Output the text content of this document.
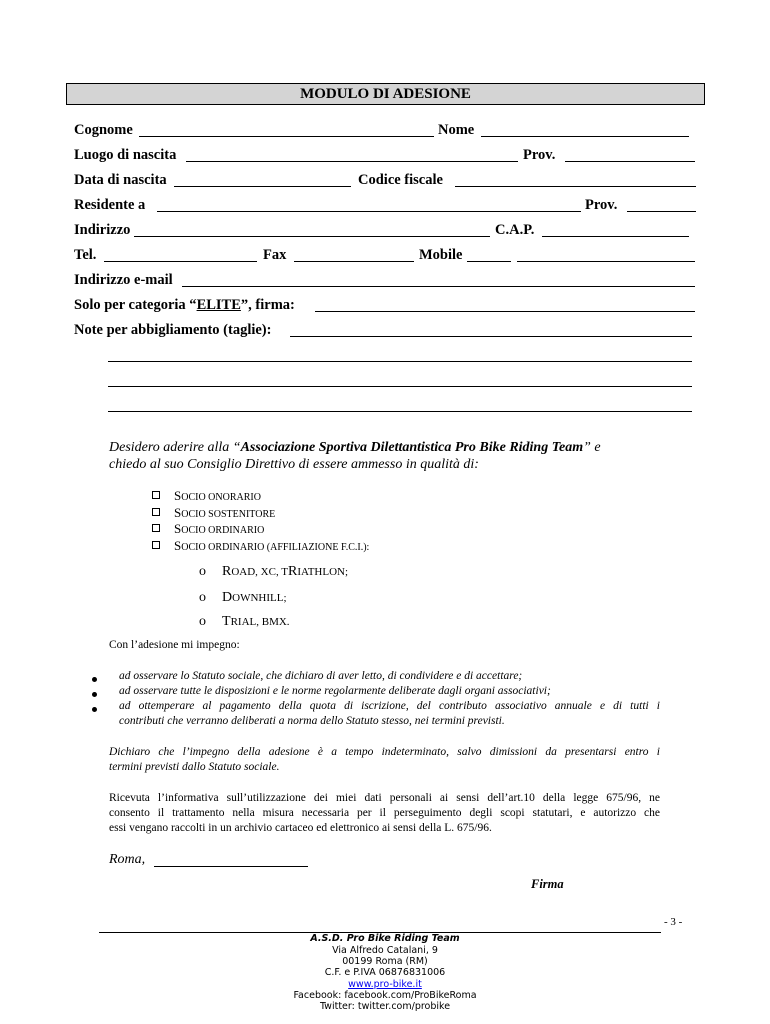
MODULO DI ADESIONE
Cognome	Nome
Luogo di nascita	Prov.
Data di nascita	Codice fiscale
Residente a	Prov.
Indirizzo	C.A.P.
Tel.	Fax	Mobile
Indirizzo e-mail
Solo per categoria “ELITE”, firma:
Note per abbigliamento (taglie):
Desidero aderire alla “Associazione Sportiva Dilettantistica Pro Bike Riding Team” e
chiedo al suo Consiglio Direttivo di essere ammesso in qualità di:
SOCIO ONORARIO
SOCIO SOSTENITORE
SOCIO ORDINARIO
SOCIO ORDINARIO (AFFILIAZIONE F.C.I.):
o ROAD, XC, TRIATHLON;
o DOWNHILL;
o TRIAL, BMX.
Con l’adesione mi impegno:
ad osservare lo Statuto sociale, che dichiaro di aver letto, di condividere e di accettare;
ad osservare tutte le disposizioni e le norme regolarmente deliberate dagli organi associativi;
ad ottemperare al pagamento della quota di iscrizione, del contributo associativo annuale e di tutti i
contributi che verranno deliberati a norma dello Statuto stesso, nei termini previsti.
Dichiaro che l’impegno della adesione è a tempo indeterminato, salvo dimissioni da presentarsi entro i
termini previsti dallo Statuto sociale.
Ricevuta l’informativa sull’utilizzazione dei miei dati personali ai sensi dell’art.10 della legge 675/96, ne
consento il trattamento nella misura necessaria per il perseguimento degli scopi statutari, e autorizzo che
essi vengano raccolti in un archivio cartaceo ed elettronico ai sensi della L. 675/96.
Roma,
Firma
- 3 -
A.S.D. Pro Bike Riding Team
Via Alfredo Catalani, 9
00199 Roma (RM)
C.F. e P.IVA 06876831006
www.pro-bike.it
Facebook: facebook.com/ProBikeRoma
Twitter: twitter.com/probike
